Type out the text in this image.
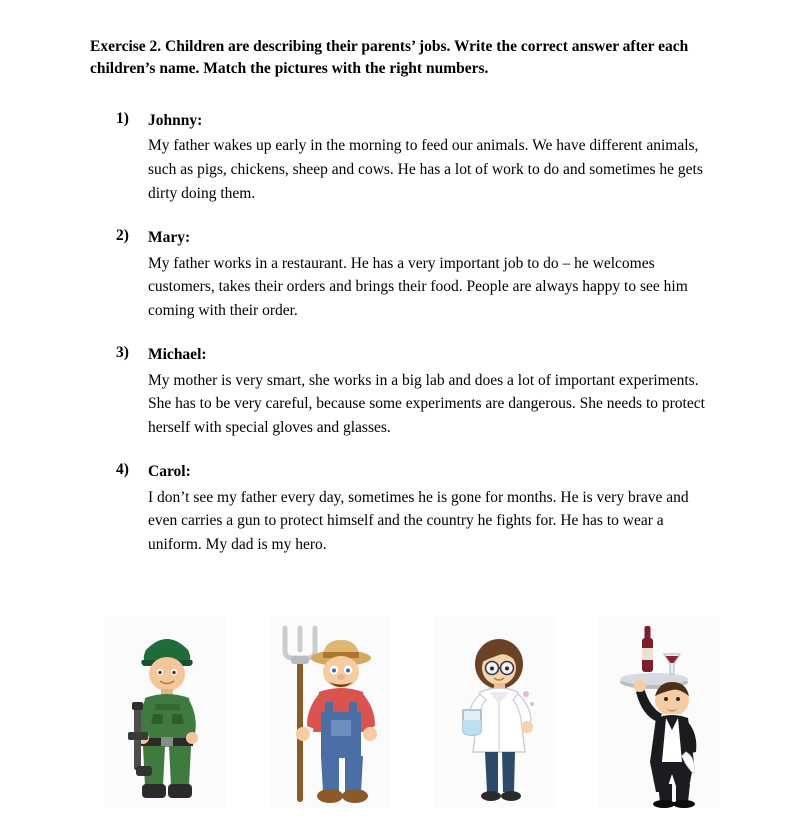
Exercise 2. Children are describing their parents’ jobs. Write the correct answer after each children’s name. Match the pictures with the right numbers.

1) Johnny:

My father wakes up early in the morning to feed our animals. We have different animals, such as pigs, chickens, sheep and cows. He has a lot of work to do and sometimes he gets dirty doing them.

2) Mary:

My father works in a restaurant. He has a very important job to do – he welcomes customers, takes their orders and brings their food. People are always happy to see him coming with their order.

3) Michael:

My mother is very smart, she works in a big lab and does a lot of important experiments. She has to be very careful, because some experiments are dangerous. She needs to protect herself with special gloves and glasses.

4) Carol:

I don’t see my father every day, sometimes he is gone for months. He is very brave and even carries a gun to protect himself and the country he fights for. He has to wear a uniform. My dad is my hero.
